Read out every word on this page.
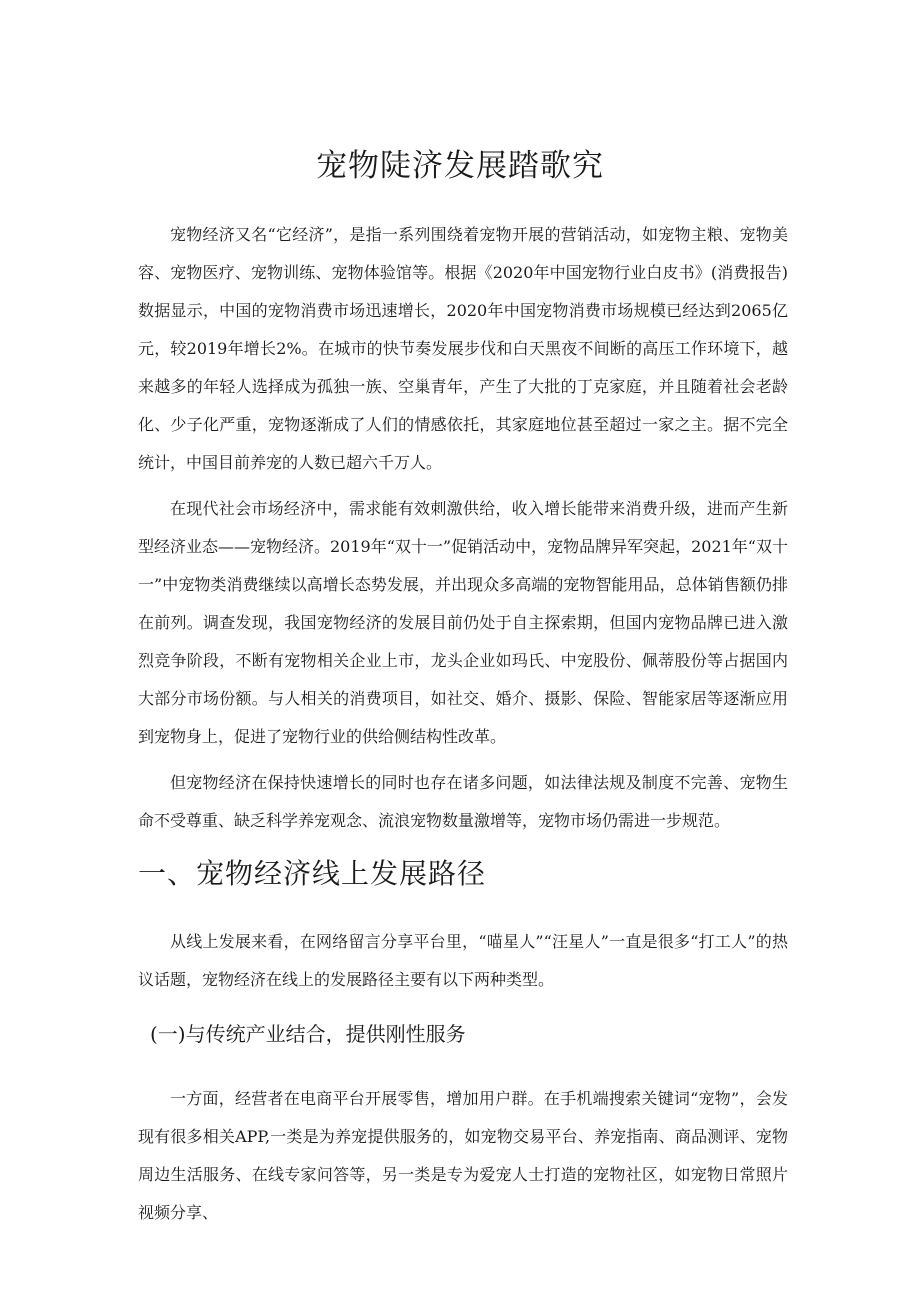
宠物陡济发展踏歌究

宠物经济又名“它经济”，是指一系列围绕着宠物开展的营销活动，如宠物主粮、宠物美容、宠物医疗、宠物训练、宠物体验馆等。根据《2020年中国宠物行业白皮书》(消费报告)数据显示，中国的宠物消费市场迅速增长，2020年中国宠物消费市场规模已经达到2065亿元，较2019年增长2%。在城市的快节奏发展步伐和白天黑夜不间断的高压工作环境下，越来越多的年轻人选择成为孤独一族、空巢青年，产生了大批的丁克家庭，并且随着社会老龄化、少子化严重，宠物逐渐成了人们的情感依托，其家庭地位甚至超过一家之主。据不完全统计，中国目前养宠的人数已超六千万人。

在现代社会市场经济中，需求能有效刺激供给，收入增长能带来消费升级，进而产生新型经济业态——宠物经济。2019年“双十一”促销活动中，宠物品牌异军突起，2021年“双十一”中宠物类消费继续以高增长态势发展，并出现众多高端的宠物智能用品，总体销售额仍排在前列。调查发现，我国宠物经济的发展目前仍处于自主探索期，但国内宠物品牌已进入激烈竞争阶段，不断有宠物相关企业上市，龙头企业如玛氏、中宠股份、佩蒂股份等占据国内大部分市场份额。与人相关的消费项目，如社交、婚介、摄影、保险、智能家居等逐渐应用到宠物身上，促进了宠物行业的供给侧结构性改革。

但宠物经济在保持快速增长的同时也存在诸多问题，如法律法规及制度不完善、宠物生命不受尊重、缺乏科学养宠观念、流浪宠物数量激增等，宠物市场仍需进一步规范。

一、宠物经济线上发展路径

从线上发展来看，在网络留言分享平台里，“喵星人”“汪星人”一直是很多“打工人”的热议话题，宠物经济在线上的发展路径主要有以下两种类型。

(一)与传统产业结合，提供刚性服务

一方面，经营者在电商平台开展零售，增加用户群。在手机端搜索关键词“宠物”，会发现有很多相关APP,一类是为养宠提供服务的，如宠物交易平台、养宠指南、商品测评、宠物周边生活服务、在线专家问答等，另一类是专为爱宠人士打造的宠物社区，如宠物日常照片视频分享、
